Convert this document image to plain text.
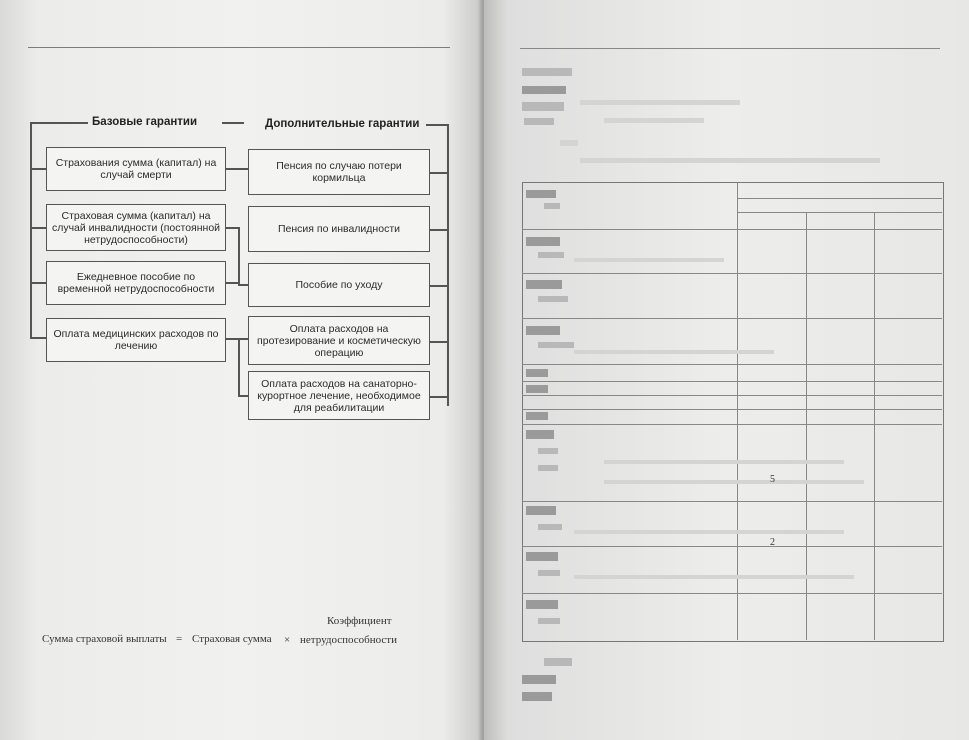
Базовые гарантии	Дополнительные гарантии
Страхования сумма (капитал) на случай смерти
Страховая сумма (капитал) на случай инвалидности (постоянной нетрудоспособности)
Ежедневное пособие по временной нетрудоспособности
Оплата медицинских расходов по лечению
Пенсия по случаю потери кормильца
Пенсия по инвалидности
Пособие по уходу
Оплата расходов на протезирование и косметическую операцию
Оплата расходов на санаторно-курортное лечение, необходимое для реабилитации
Сумма страховой выплаты = Страховая сумма ×
Коэффициент
нетрудоспособности
5
2
